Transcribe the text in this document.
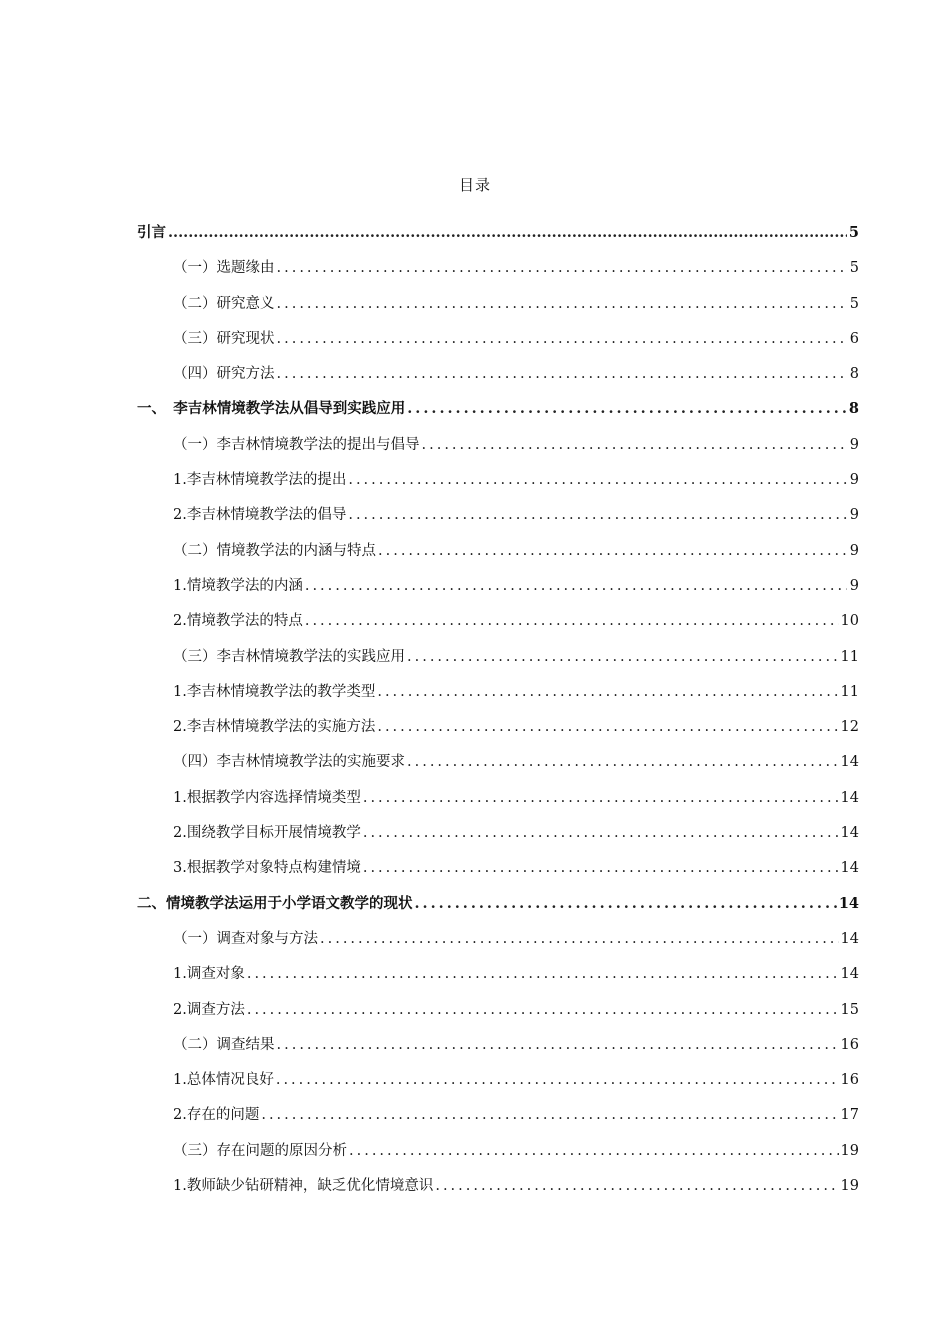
目录
引言 .....	5
（一）选题缘由 .....	5
（二）研究意义 .....	5
（三）研究现状 .....	6
（四）研究方法 .....	8
一、　李吉林情境教学法从倡导到实践应用 .....	8
（一）李吉林情境教学法的提出与倡导 .....	9
1.李吉林情境教学法的提出 .....	9
2.李吉林情境教学法的倡导 .....	9
（二）情境教学法的内涵与特点 .....	9
1.情境教学法的内涵 .....	9
2.情境教学法的特点 .....	10
（三）李吉林情境教学法的实践应用 .....	11
1.李吉林情境教学法的教学类型 .....	11
2.李吉林情境教学法的实施方法 .....	12
（四）李吉林情境教学法的实施要求 .....	14
1.根据教学内容选择情境类型 .....	14
2.围绕教学目标开展情境教学 .....	14
3.根据教学对象特点构建情境 .....	14
二、情境教学法运用于小学语文教学的现状 .....	14
（一）调查对象与方法 .....	14
1.调查对象 .....	14
2.调查方法 .....	15
（二）调查结果 .....	16
1.总体情况良好 .....	16
2.存在的问题 .....	17
（三）存在问题的原因分析 .....	19
1.教师缺少钻研精神，缺乏优化情境意识 .....	19
